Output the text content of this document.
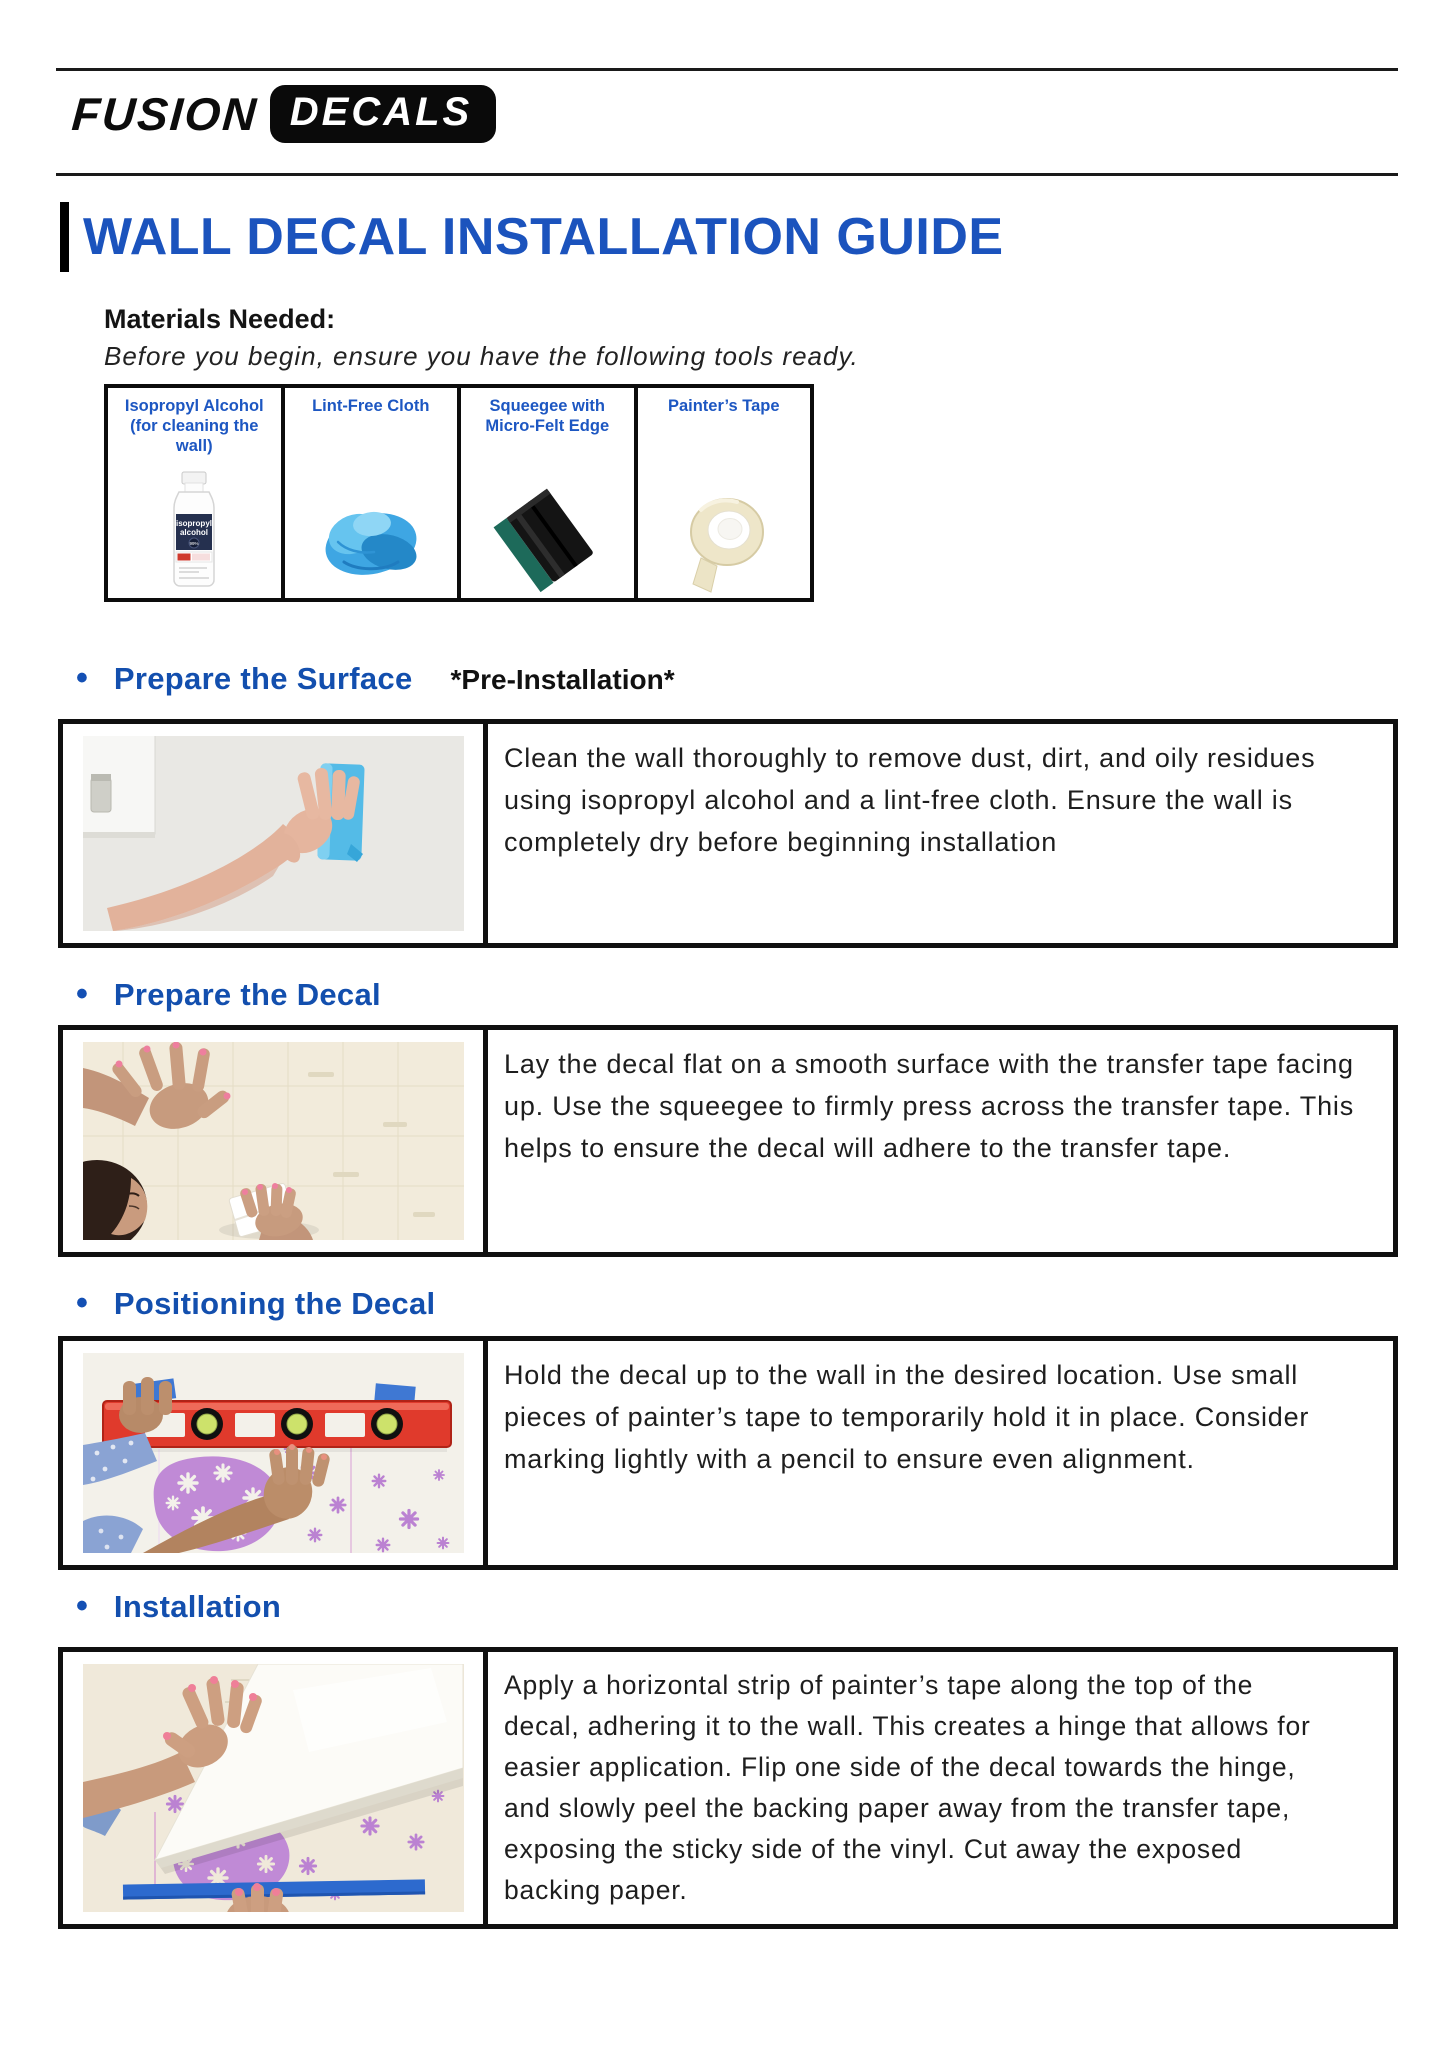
FUSION DECALS
WALL DECAL INSTALLATION GUIDE
Materials Needed:
Before you begin, ensure you have the following tools ready.
Isopropyl Alcohol (for cleaning the wall)
isopropyl
alcohol
99%
Lint-Free Cloth	Squeegee with Micro-Felt Edge
Painter’s Tape
• Prepare the Surface *Pre-Installation*

Clean the wall thoroughly to remove dust, dirt, and oily residues using isopropyl alcohol and a lint-free cloth. Ensure the wall is completely dry before beginning installation

• Prepare the Decal

Lay the decal flat on a smooth surface with the transfer tape facing up. Use the squeegee to firmly press across the transfer tape. This helps to ensure the decal will adhere to the transfer tape.

• Positioning the Decal

Hold the decal up to the wall in the desired location. Use small pieces of painter’s tape to temporarily hold it in place. Consider marking lightly with a pencil to ensure even alignment.

• Installation

Apply a horizontal strip of painter’s tape along the top of the decal, adhering it to the wall. This creates a hinge that allows for easier application. Flip one side of the decal towards the hinge, and slowly peel the backing paper away from the transfer tape, exposing the sticky side of the vinyl. Cut away the exposed backing paper.
